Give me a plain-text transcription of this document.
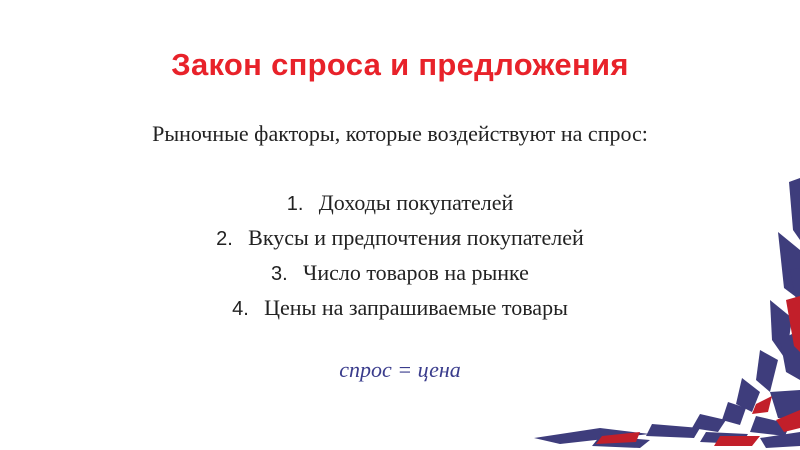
Закон спроса и предложения
Рыночные факторы, которые воздействуют на спрос:
1. Доходы покупателей
2. Вкусы и предпочтения покупателей
3. Число товаров на рынке
4. Цены на запрашиваемые товары
спрос = цена
